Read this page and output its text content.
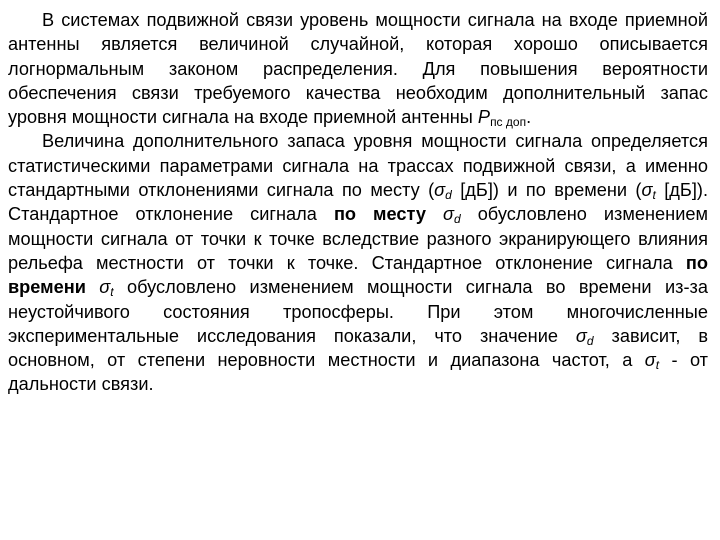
В системах подвижной связи уровень мощности сигнала на входе приемной антенны является величиной случайной, которая хорошо описывается логнормальным законом распределения. Для повышения вероятности обеспечения связи требуемого качества необходим дополнительный запас уровня мощности сигнала на входе приемной антенны $P_{пс доп}$.

Величина дополнительного запаса уровня мощности сигнала определяется статистическими параметрами сигнала на трассах подвижной связи, а именно стандартными отклонениями сигнала по месту ($\sigma_d$ [дБ]) и по времени ($\sigma_t$ [дБ]). Стандартное отклонение сигнала по месту $\sigma_d$ обусловлено изменением мощности сигнала от точки к точке вследствие разного экранирующего влияния рельефа местности от точки к точке. Стандартное отклонение сигнала по времени $\sigma_t$ обусловлено изменением мощности сигнала во времени из-за неустойчивого состояния тропосферы. При этом многочисленные экспериментальные исследования показали, что значение $\sigma_d$ зависит, в основном, от степени неровности местности и диапазона частот, а $\sigma_t$ - от дальности связи.
